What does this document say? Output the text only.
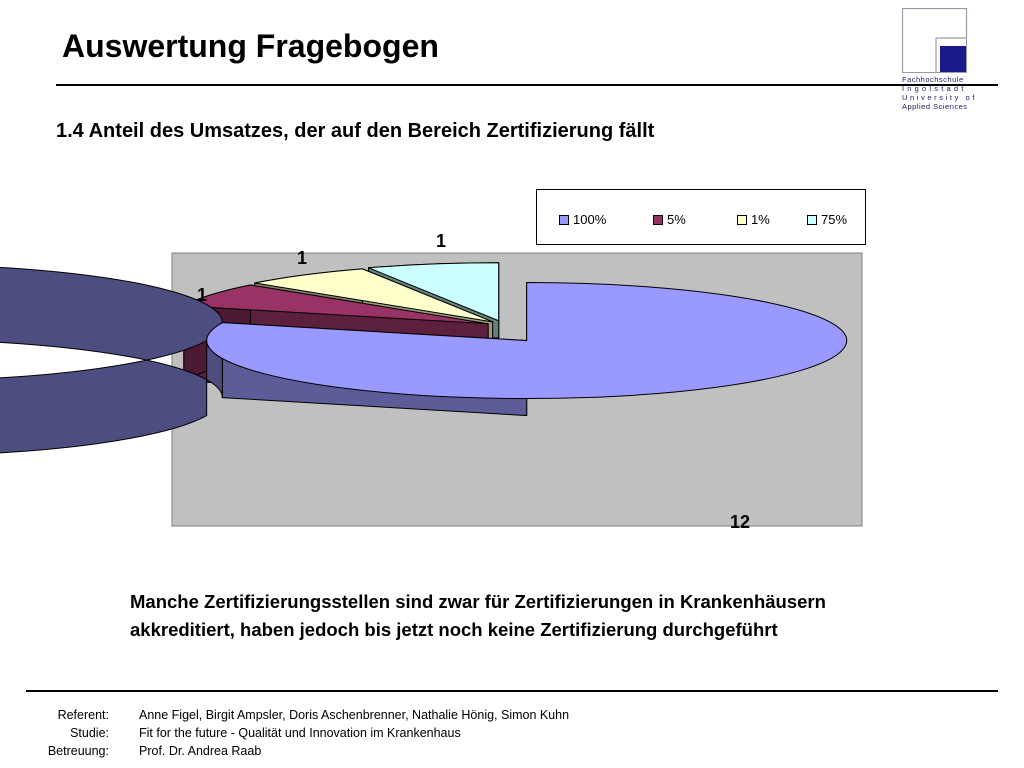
Auswertung Fragebogen
Fachhochschule
Ingolstadt
University of
Applied Sciences
1.4 Anteil des Umsatzes, der auf den Bereich Zertifizierung fällt
12
1
1
1
100%	5%	1%	75%

Manche Zertifizierungsstellen sind zwar für Zertifizierungen in Krankenhäusern akkreditiert, haben jedoch bis jetzt noch keine Zertifizierung durchgeführt

Referent: Anne Figel, Birgit Ampsler, Doris Aschenbrenner, Nathalie Hönig, Simon Kuhn
Studie: Fit for the future - Qualität und Innovation im Krankenhaus
Betreuung: Prof. Dr. Andrea Raab
